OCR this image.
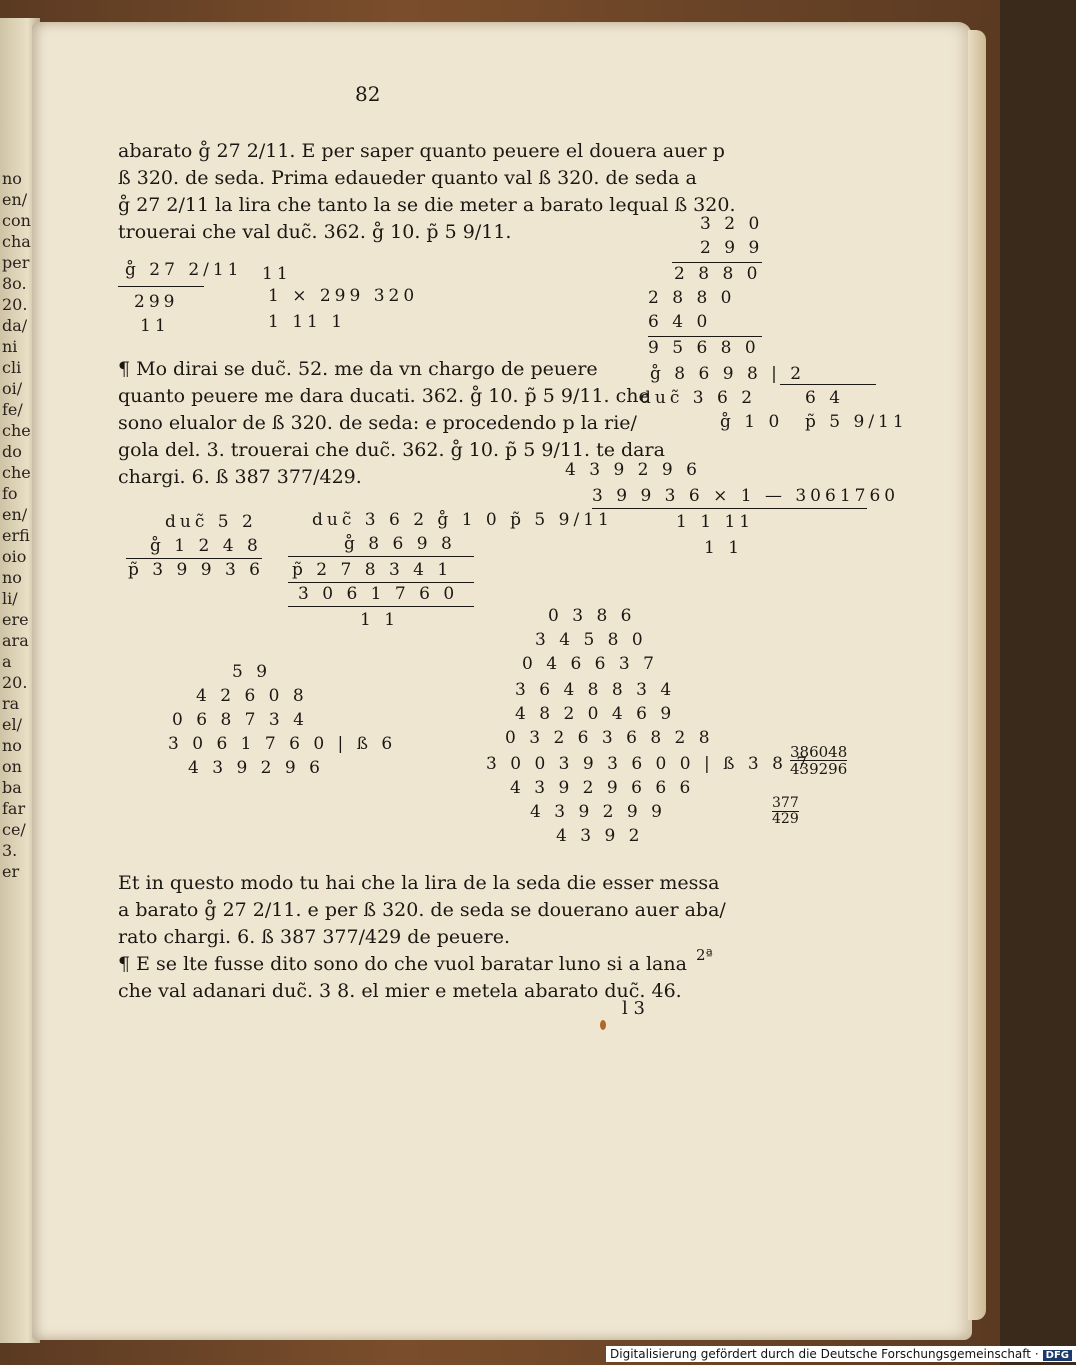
no
en/
con
cha
per
8o.
20.
da/
ni
cli
oi/
fe/
che
do
che
fo
en/
erfi
oio
no
li/
ere
ara
a
20.
ra
el/
no
on
ba
far
ce/
3.
er
82
abarato g̊ 27 2/11. E per saper quanto peuere el douera auer p
ß 320. de seda. Prima edaueder quanto val ß 320. de seda a
g̊ 27 2/11 la lira che tanto la se die meter a barato lequal ß 320.
trouerai che val duc̃. 362. g̊ 10. p̃ 5 9/11.
g̊ 27 2/11 11
299
11
1 × 299 320
1 11 1
3 2 0
2 9 9
2 8 8 0
2 8 8 0
6 4 0
9 5 6 8 0
g̊ 8 6 9 8 | 2
duc̃ 3 6 2
g̊ 1 0
6 4
p̃ 5 9/11
¶ Mo dirai se duc̃. 52. me da vn chargo de peuere
quanto peuere me dara ducati. 362. g̊ 10. p̃ 5 9/11. che
sono elualor de ß 320. de seda: e procedendo p la rie/
gola del. 3. trouerai che duc̃. 362. g̊ 10. p̃ 5 9/11. te dara
chargi. 6. ß 387 377/429.	4 3 9 2 9 6
3 9 9 3 6 × 1 — 3061760
1 1 11
1 1
duc̃ 5 2
g̊ 1 2 4 8
p̃ 3 9 9 3 6
duc̃ 3 6 2 g̊ 1 0 p̃ 5 9/11
g̊ 8 6 9 8
p̃ 2 7 8 3 4 1
3 0 6 1 7 6 0
1 1
5 9
4 2 6 0 8
0 6 8 7 3 4
3 0 6 1 7 6 0 | ß 6
4 3 9 2 9 6
0 3 8 6
3 4 5 8 0
0 4 6 6 3 7
3 6 4 8 8 3 4
4 8 2 0 4 6 9
0 3 2 6 3 6 8 2 8
3 0 0 3 9 3 6 0 0 | ß 3 8 7
4 3 9 2 9 6 6 6
4 3 9 2 9 9
4 3 9 2
$\frac{386048}{439296}$
$\frac{377}{429}$
Et in questo modo tu hai che la lira de la seda die esser messa
a barato g̊ 27 2/11. e per ß 320. de seda se douerano auer aba/
rato chargi. 6. ß 387 377/429 de peuere.
¶ E se lte fusse dito sono do che vuol baratar luno si a lana
che val adanari duc̃. 3 8. el mier e metela abarato duc̃. 46.
2ª
l 3
Digitalisierung gefördert durch die Deutsche Forschungsgemeinschaft · DFG
